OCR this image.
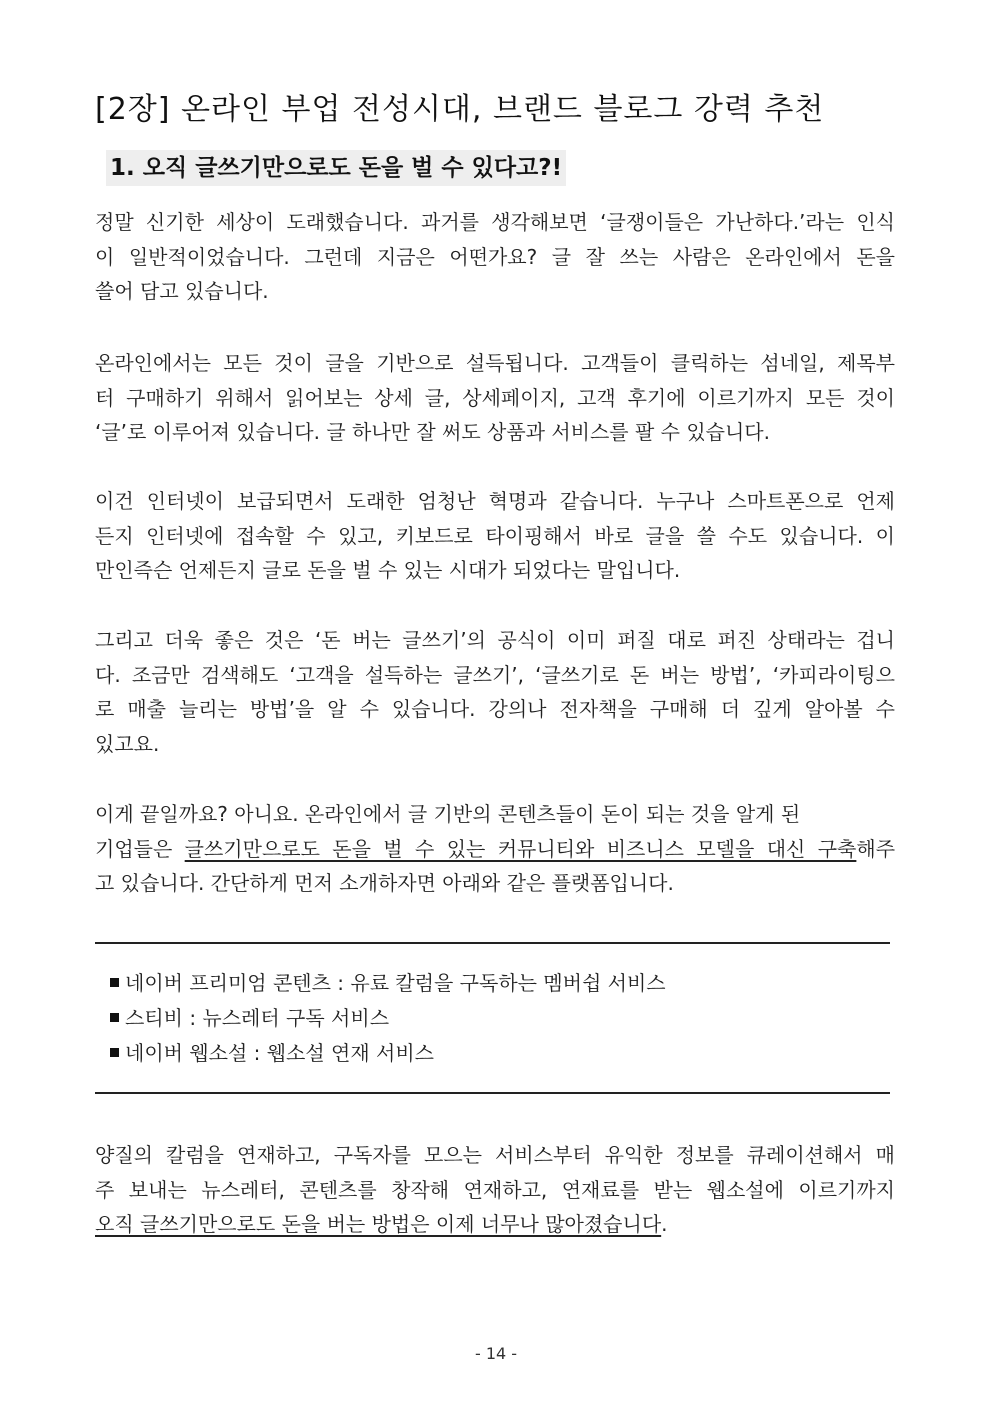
[2장] 온라인 부업 전성시대, 브랜드 블로그 강력 추천
1. 오직 글쓰기만으로도 돈을 벌 수 있다고?!
정말 신기한 세상이 도래했습니다. 과거를 생각해보면 ‘글쟁이들은 가난하다.’라는 인식
이 일반적이었습니다. 그런데 지금은 어떤가요? 글 잘 쓰는 사람은 온라인에서 돈을
쓸어 담고 있습니다.
온라인에서는 모든 것이 글을 기반으로 설득됩니다. 고객들이 클릭하는 섬네일, 제목부
터 구매하기 위해서 읽어보는 상세 글, 상세페이지, 고객 후기에 이르기까지 모든 것이
‘글’로 이루어져 있습니다. 글 하나만 잘 써도 상품과 서비스를 팔 수 있습니다.
이건 인터넷이 보급되면서 도래한 엄청난 혁명과 같습니다. 누구나 스마트폰으로 언제
든지 인터넷에 접속할 수 있고, 키보드로 타이핑해서 바로 글을 쓸 수도 있습니다. 이
만인즉슨 언제든지 글로 돈을 벌 수 있는 시대가 되었다는 말입니다.
그리고 더욱 좋은 것은 ‘돈 버는 글쓰기’의 공식이 이미 퍼질 대로 퍼진 상태라는 겁니
다. 조금만 검색해도 ‘고객을 설득하는 글쓰기’, ‘글쓰기로 돈 버는 방법’, ‘카피라이팅으
로 매출 늘리는 방법’을 알 수 있습니다. 강의나 전자책을 구매해 더 깊게 알아볼 수
있고요.
이게 끝일까요? 아니요. 온라인에서 글 기반의 콘텐츠들이 돈이 되는 것을 알게 된
기업들은 글쓰기만으로도 돈을 벌 수 있는 커뮤니티와 비즈니스 모델을 대신 구축해주
고 있습니다. 간단하게 먼저 소개하자면 아래와 같은 플랫폼입니다.
네이버 프리미엄 콘텐츠 : 유료 칼럼을 구독하는 멤버쉽 서비스
스티비 : 뉴스레터 구독 서비스
네이버 웹소설 : 웹소설 연재 서비스
양질의 칼럼을 연재하고, 구독자를 모으는 서비스부터 유익한 정보를 큐레이션해서 매
주 보내는 뉴스레터, 콘텐츠를 창작해 연재하고, 연재료를 받는 웹소설에 이르기까지
오직 글쓰기만으로도 돈을 버는 방법은 이제 너무나 많아졌습니다.
- 14 -
